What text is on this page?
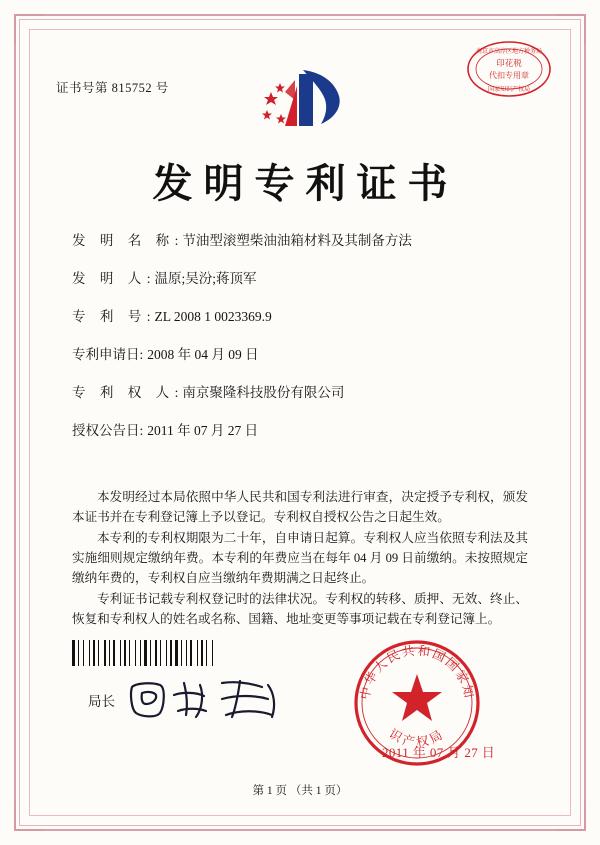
证书号第 815752 号
印花税
代扣专用章
南京市高淳区地方税务局
国家知识产权局
发明专利证书
发 明 名 称 : 节油型滚塑柴油油箱材料及其制备方法
发 明 人 : 温原;吴汾;蒋顶军
专 利 号 : ZL 2008 1 0023369.9
专利申请日 : 2008 年 04 月 09 日
专 利 权 人 : 南京聚隆科技股份有限公司
授权公告日 : 2011 年 07 月 27 日

本发明经过本局依照中华人民共和国专利法进行审查，决定授予专利权，颁发本证书并在专利登记簿上予以登记。专利权自授权公告之日起生效。

本专利的专利权期限为二十年，自申请日起算。专利权人应当依照专利法及其实施细则规定缴纳年费。本专利的年费应当在每年 04 月 09 日前缴纳。未按照规定缴纳年费的，专利权自应当缴纳年费期满之日起终止。

专利证书记载专利权登记时的法律状况。专利权的转移、质押、无效、终止、恢复和专利权人的姓名或名称、国籍、地址变更等事项记载在专利登记簿上。

局长
中华人民共和国国家知
识产权局
2011 年 07 月 27 日
第 1 页 （共 1 页）
